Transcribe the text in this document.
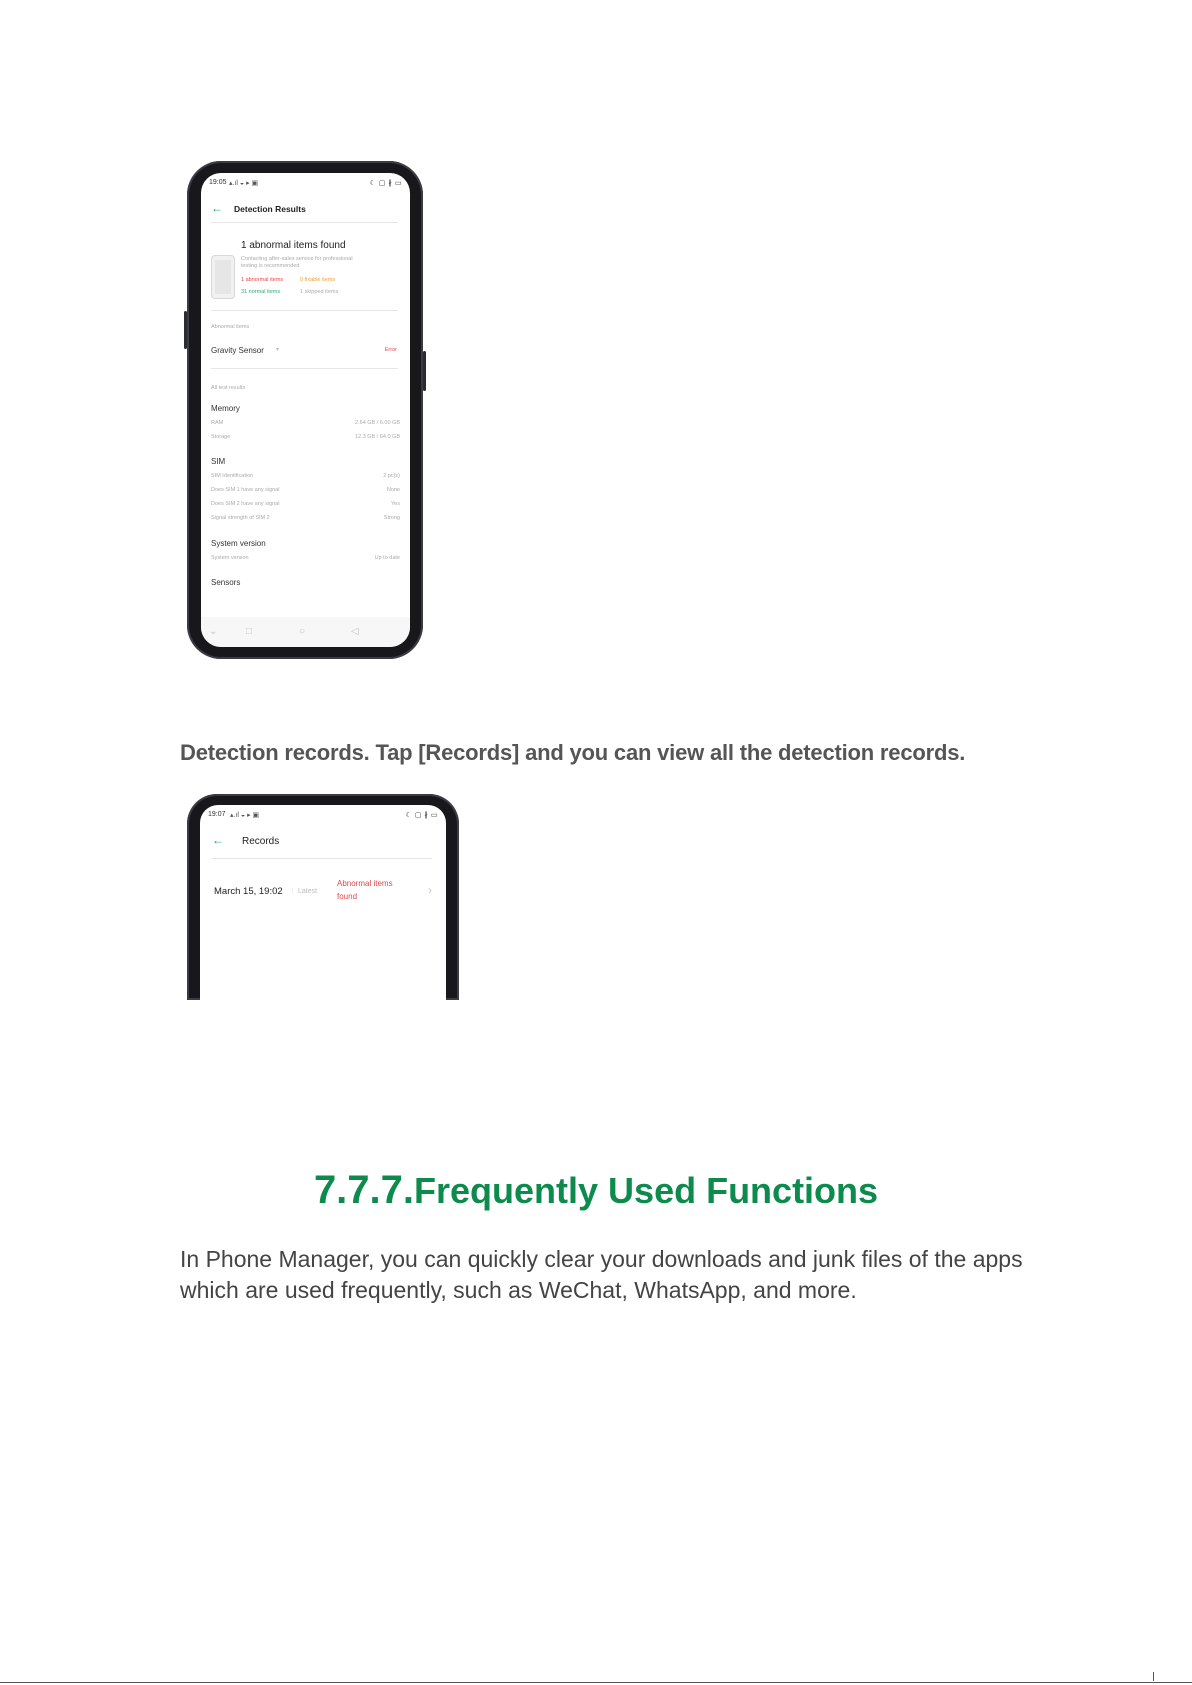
19:05 ▴.ıl ◒ ▸ ▣	☾ ▢ ∦ ▭
← Detection Results
1 abnormal items found
Contacting after-sales service for professional
testing is recommended
1 abnormal items	0 fixable items
31 normal items	1 skipped items
Abnormal items
Gravity Sensor ▾	Error
All test results
Memory
RAM	2.64 GB / 6.00 GB
Storage	12.3 GB / 64.0 GB
SIM
SIM Identification	2 pc(s)
Does SIM 1 have any signal	None
Does SIM 2 have any signal	Yes
Signal strength of SIM 2	Strong
System version
System version	Up to date
Sensors
⌄	□	○	◁
Detection records. Tap [Records] and you can view all the detection records.
19:07 ▴.ıl ◒ ▸ ▣	☾ ▢ ∦ ▭
← Records
March 15, 19:02 | Latest
Abnormal items
found	›
7.7.7.Frequently Used Functions
In Phone Manager, you can quickly clear your downloads and junk files of the apps which are used frequently, such as WeChat, WhatsApp, and more.
